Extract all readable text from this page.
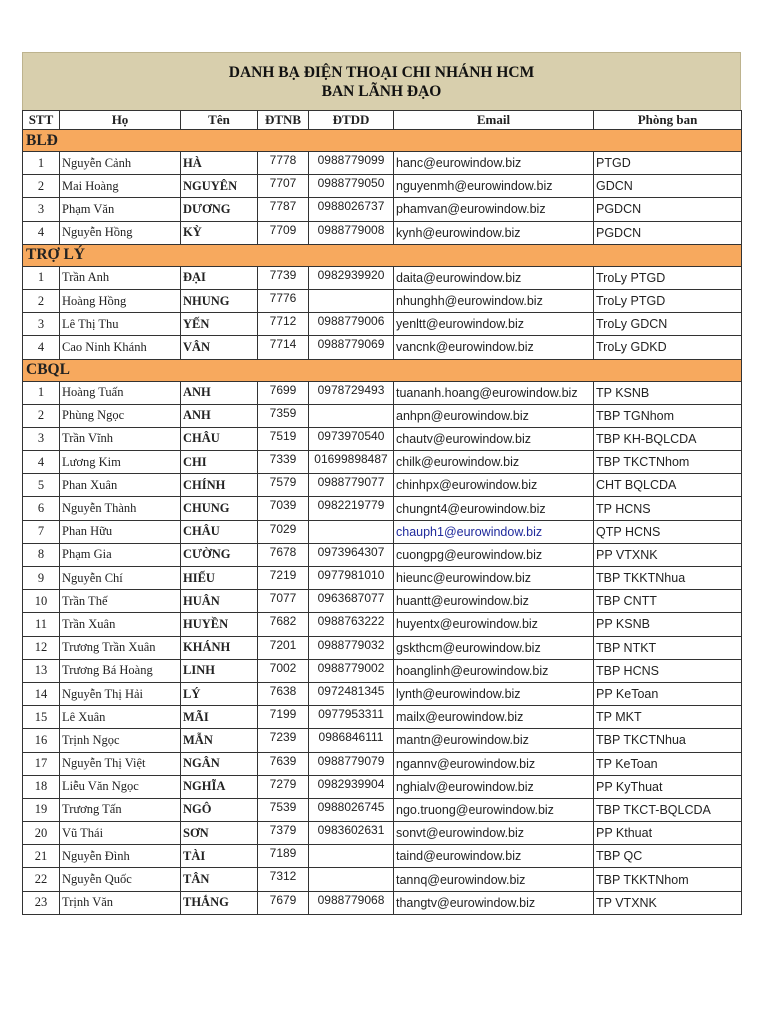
DANH BẠ ĐIỆN THOẠI CHI NHÁNH HCM
BAN LÃNH ĐẠO
STT	Họ	Tên	ĐTNB	ĐTDD	Email	Phòng ban
BLĐ						
1	Nguyễn Cảnh	HÀ	7778	0988779099	hanc@eurowindow.biz	PTGD
2	Mai Hoàng	NGUYÊN	7707	0988779050	nguyenmh@eurowindow.biz	GDCN
3	Phạm Văn	DƯƠNG	7787	0988026737	phamvan@eurowindow.biz	PGDCN
4	Nguyễn Hồng	KỲ	7709	0988779008	kynh@eurowindow.biz	PGDCN
TRỢ LÝ						
1	Trần Anh	ĐẠI	7739	0982939920	daita@eurowindow.biz	TroLy PTGD
2	Hoàng Hồng	NHUNG	7776		nhunghh@eurowindow.biz	TroLy PTGD
3	Lê Thị Thu	YẾN	7712	0988779006	yenltt@eurowindow.biz	TroLy GDCN
4	Cao Ninh Khánh	VÂN	7714	0988779069	vancnk@eurowindow.biz	TroLy GDKD
CBQL						
1	Hoàng Tuấn	ANH	7699	0978729493	tuananh.hoang@eurowindow.biz	TP KSNB
2	Phùng Ngọc	ANH	7359		anhpn@eurowindow.biz	TBP TGNhom
3	Trần Vĩnh	CHÂU	7519	0973970540	chautv@eurowindow.biz	TBP KH-BQLCDA
4	Lương Kim	CHI	7339	01699898487	chilk@eurowindow.biz	TBP TKCTNhom
5	Phan Xuân	CHÍNH	7579	0988779077	chinhpx@eurowindow.biz	CHT BQLCDA
6	Nguyễn Thành	CHUNG	7039	0982219779	chungnt4@eurowindow.biz	TP HCNS
7	Phan Hữu	CHÂU	7029		chauph1@eurowindow.biz	QTP HCNS
8	Phạm Gia	CƯỜNG	7678	0973964307	cuongpg@eurowindow.biz	PP VTXNK
9	Nguyễn Chí	HIẾU	7219	0977981010	hieunc@eurowindow.biz	TBP TKKTNhua
10	Trần Thế	HUÂN	7077	0963687077	huantt@eurowindow.biz	TBP CNTT
11	Trần Xuân	HUYỀN	7682	0988763222	huyentx@eurowindow.biz	PP KSNB
12	Trương Trần Xuân	KHÁNH	7201	0988779032	gskthcm@eurowindow.biz	TBP NTKT
13	Trương Bá Hoàng	LINH	7002	0988779002	hoanglinh@eurowindow.biz	TBP HCNS
14	Nguyễn Thị Hải	LÝ	7638	0972481345	lynth@eurowindow.biz	PP KeToan
15	Lê Xuân	MÃI	7199	0977953311	mailx@eurowindow.biz	TP MKT
16	Trịnh Ngọc	MẪN	7239	0986846111	mantn@eurowindow.biz	TBP TKCTNhua
17	Nguyễn Thị Việt	NGÂN	7639	0988779079	ngannv@eurowindow.biz	TP KeToan
18	Liễu Văn Ngọc	NGHĨA	7279	0982939904	nghialv@eurowindow.biz	PP KyThuat
19	Trương Tấn	NGÔ	7539	0988026745	ngo.truong@eurowindow.biz	TBP TKCT-BQLCDA
20	Vũ Thái	SƠN	7379	0983602631	sonvt@eurowindow.biz	PP Kthuat
21	Nguyễn Đình	TÀI	7189		taind@eurowindow.biz	TBP QC
22	Nguyễn Quốc	TÂN	7312		tannq@eurowindow.biz	TBP TKKTNhom
23	Trịnh Văn	THẮNG	7679	0988779068	thangtv@eurowindow.biz	TP VTXNK
